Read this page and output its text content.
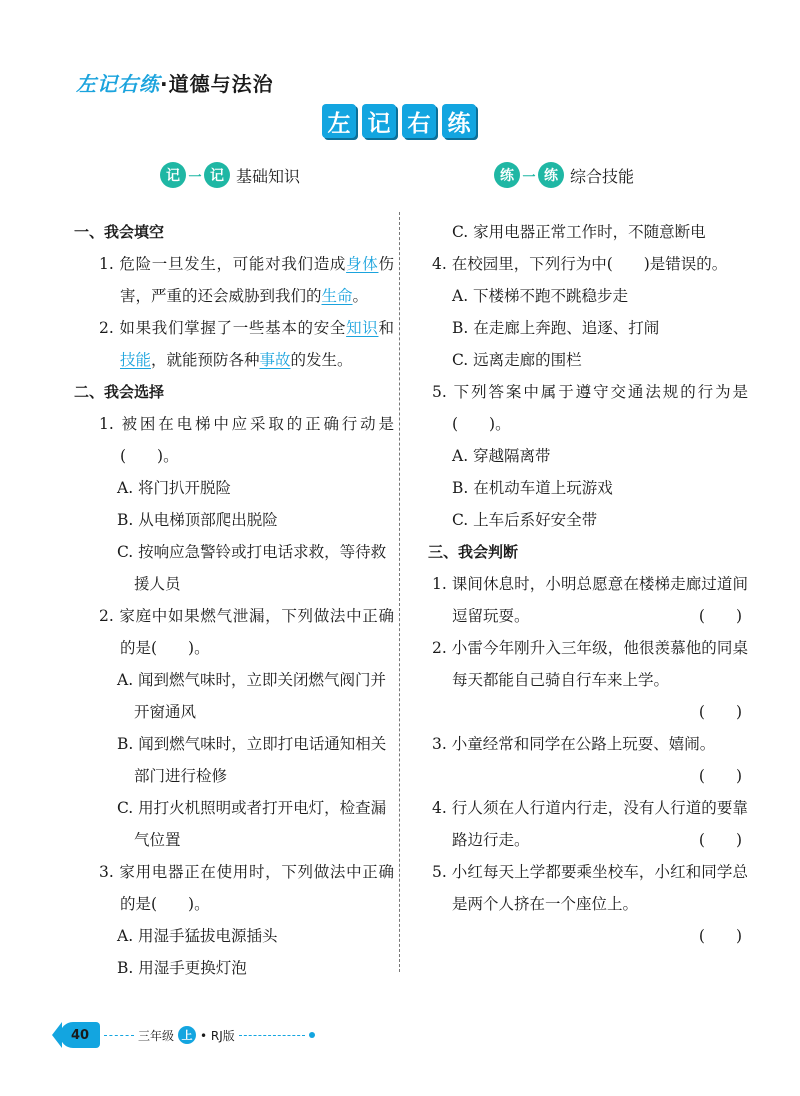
左记右练·道德与法治
左 记 右 练
记 一 记 基础知识	练 一 练 综合技能
一、我会填空
1. 危险一旦发生，可能对我们造成身体伤害，严重的还会威胁到我们的生命。
2. 如果我们掌握了一些基本的安全知识和技能，就能预防各种事故的发生。
二、我会选择
1. 被困在电梯中应采取的正确行动是(　　)。
A. 将门扒开脱险
B. 从电梯顶部爬出脱险
C. 按响应急警铃或打电话求救，等待救援人员
2. 家庭中如果燃气泄漏，下列做法中正确的是(　　)。
A. 闻到燃气味时，立即关闭燃气阀门并开窗通风
B. 闻到燃气味时，立即打电话通知相关部门进行检修
C. 用打火机照明或者打开电灯，检查漏气位置
3. 家用电器正在使用时，下列做法中正确的是(　　)。
A. 用湿手猛拔电源插头
B. 用湿手更换灯泡
C. 家用电器正常工作时，不随意断电
4. 在校园里，下列行为中(　　)是错误的。
A. 下楼梯不跑不跳稳步走
B. 在走廊上奔跑、追逐、打闹
C. 远离走廊的围栏
5. 下列答案中属于遵守交通法规的行为是(　　)。
A. 穿越隔离带
B. 在机动车道上玩游戏
C. 上车后系好安全带
三、我会判断
1. 课间休息时，小明总愿意在楼梯走廊过道间逗留玩耍。	(　　)
2. 小雷今年刚升入三年级，他很羡慕他的同桌每天都能自己骑自行车来上学。
(　　)
3. 小童经常和同学在公路上玩耍、嬉闹。
(　　)
4. 行人须在人行道内行走，没有人行道的要靠路边行走。	(　　)
5. 小红每天上学都要乘坐校车，小红和同学总是两个人挤在一个座位上。
(　　)
40	三年级 上 • RJ版
